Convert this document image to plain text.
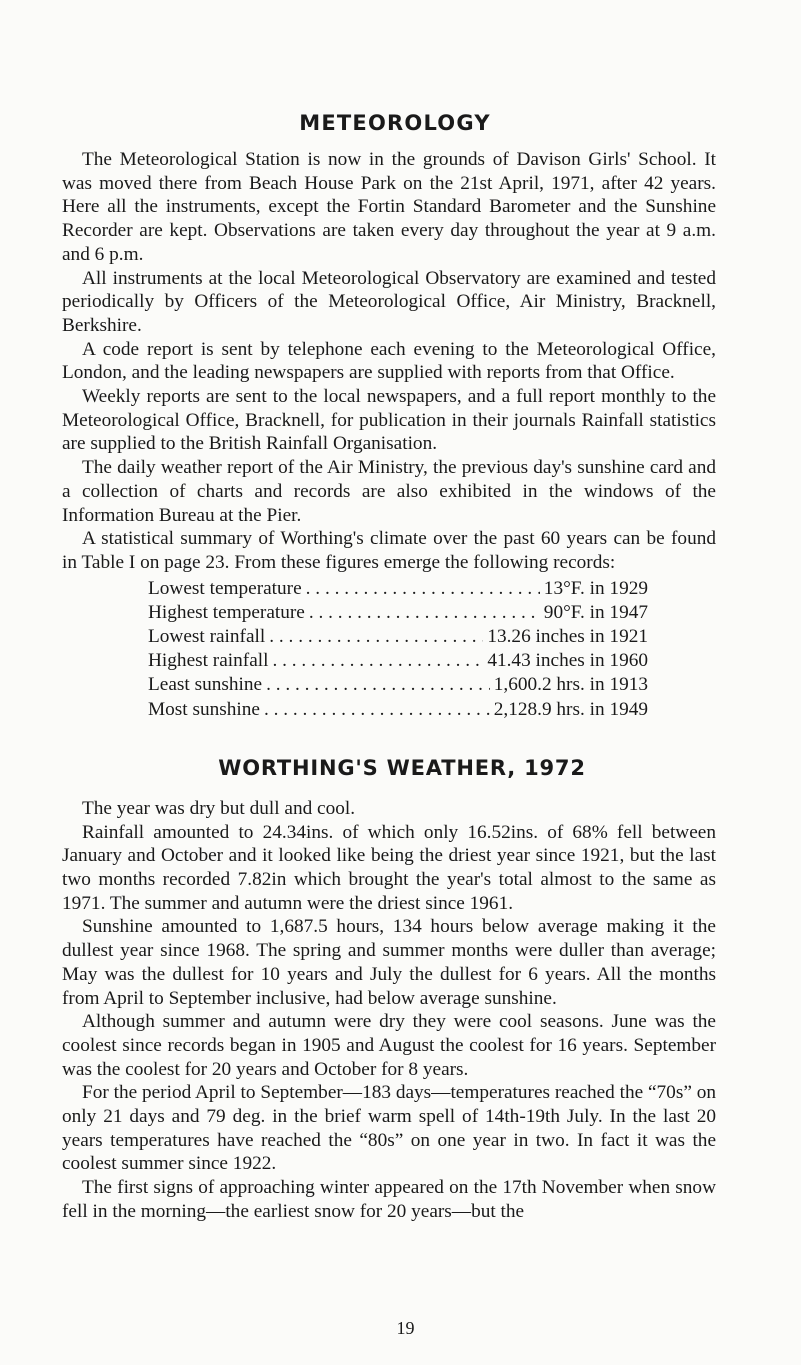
METEOROLOGY

The Meteorological Station is now in the grounds of Davison Girls' School. It was moved there from Beach House Park on the 21st April, 1971, after 42 years. Here all the instruments, except the Fortin Standard Barometer and the Sunshine Recorder are kept. Observations are taken every day throughout the year at 9 a.m. and 6 p.m.

All instruments at the local Meteorological Observatory are examined and tested periodically by Officers of the Meteorological Office, Air Ministry, Bracknell, Berkshire.

A code report is sent by telephone each evening to the Meteorological Office, London, and the leading newspapers are supplied with reports from that Office.

Weekly reports are sent to the local newspapers, and a full report monthly to the Meteorological Office, Bracknell, for publication in their journals Rainfall statistics are supplied to the British Rainfall Organisation.

The daily weather report of the Air Ministry, the previous day's sunshine card and a collection of charts and records are also exhibited in the windows of the Information Bureau at the Pier.

A statistical summary of Worthing's climate over the past 60 years can be found in Table I on page 23. From these figures emerge the following records:

Lowest temperature . . .	13°F. in 1929
Highest temperature . . .	90°F. in 1947
Lowest rainfall . . .	13.26 inches in 1921
Highest rainfall . . .	41.43 inches in 1960
Least sunshine . . .	1,600.2 hrs. in 1913
Most sunshine . . .	2,128.9 hrs. in 1949
WORTHING'S WEATHER, 1972

The year was dry but dull and cool.

Rainfall amounted to 24.34ins. of which only 16.52ins. of 68% fell between January and October and it looked like being the driest year since 1921, but the last two months recorded 7.82in which brought the year's total almost to the same as 1971. The summer and autumn were the driest since 1961.

Sunshine amounted to 1,687.5 hours, 134 hours below average making it the dullest year since 1968. The spring and summer months were duller than average; May was the dullest for 10 years and July the dullest for 6 years. All the months from April to September inclusive, had below average sunshine.

Although summer and autumn were dry they were cool seasons. June was the coolest since records began in 1905 and August the coolest for 16 years. September was the coolest for 20 years and October for 8 years.

For the period April to September—183 days—temperatures reached the “70s” on only 21 days and 79 deg. in the brief warm spell of 14th-19th July. In the last 20 years temperatures have reached the “80s” on one year in two. In fact it was the coolest summer since 1922.

The first signs of approaching winter appeared on the 17th November when snow fell in the morning—the earliest snow for 20 years—but the

19
